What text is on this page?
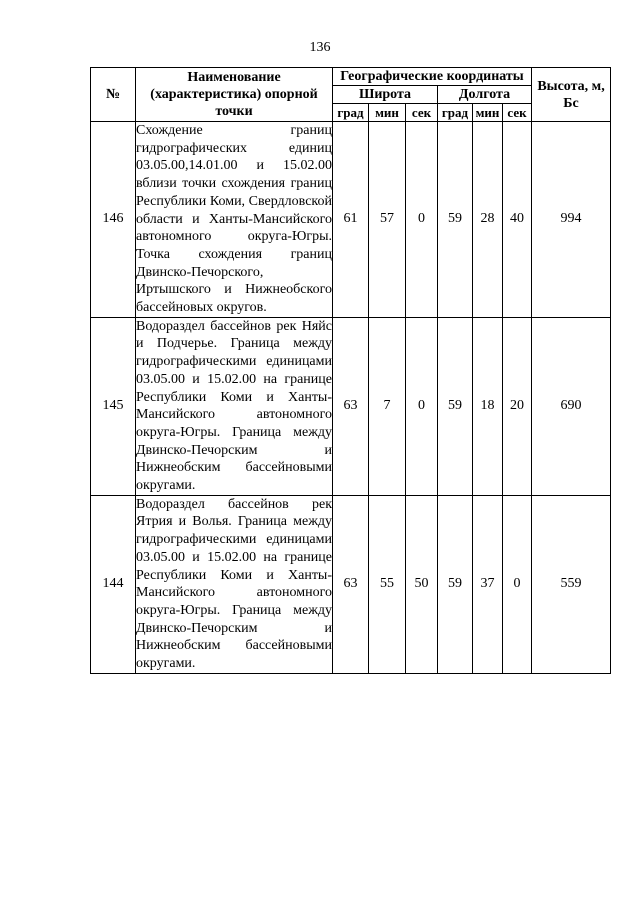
136
№	Наименование (характеристика) опорной точки	Географические координаты						Высота, м, Бс
		Широта			Долгота			
		град	мин	сек	град	мин	сек	
146	Схождение границ гидрографических единиц 03.05.00,14.01.00 и 15.02.00 вблизи точки схождения границ Республики Коми, Свердловской области и Ханты-Мансийского автономного округа-Югры. Точка схождения границ Двинско-Печорского, Иртышского и Нижнеобского бассейновых округов.	61	57	0	59	28	40	994
145	Водораздел бассейнов рек Няйс и Подчерье. Граница между гидрографическими единицами 03.05.00 и 15.02.00 на границе Республики Коми и Ханты-Мансийского автономного округа-Югры. Граница между Двинско-Печорским и Нижнеобским бассейновыми округами.	63	7	0	59	18	20	690
144	Водораздел бассейнов рек Ятрия и Волья. Граница между гидрографическими единицами 03.05.00 и 15.02.00 на границе Республики Коми и Ханты-Мансийского автономного округа-Югры. Граница между Двинско-Печорским и Нижнеобским бассейновыми округами.	63	55	50	59	37	0	559
